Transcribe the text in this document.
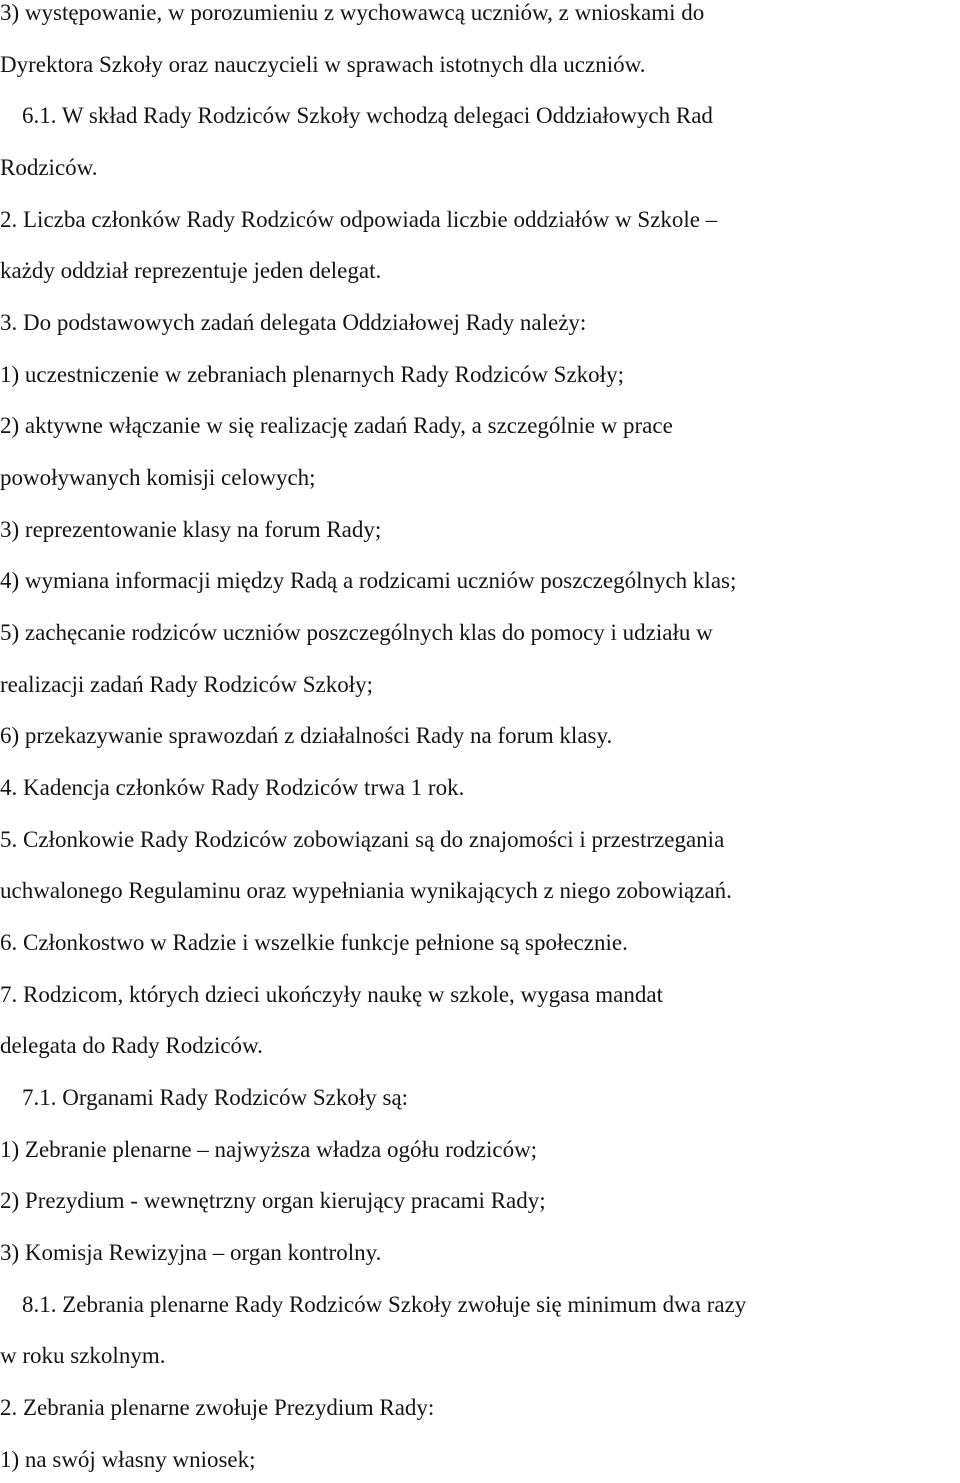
3) występowanie, w porozumieniu z wychowawcą uczniów, z wnioskami do

Dyrektora Szkoły oraz nauczycieli w sprawach istotnych dla uczniów.

6.1. W skład Rady Rodziców Szkoły wchodzą delegaci Oddziałowych Rad

Rodziców.

2. Liczba członków Rady Rodziców odpowiada liczbie oddziałów w Szkole –

każdy oddział reprezentuje jeden delegat.

3. Do podstawowych zadań delegata Oddziałowej Rady należy:

1) uczestniczenie w zebraniach plenarnych Rady Rodziców Szkoły;

2) aktywne włączanie w się realizację zadań Rady, a szczególnie w prace

powoływanych komisji celowych;

3) reprezentowanie klasy na forum Rady;

4) wymiana informacji między Radą a rodzicami uczniów poszczególnych klas;

5) zachęcanie rodziców uczniów poszczególnych klas do pomocy i udziału w

realizacji zadań Rady Rodziców Szkoły;

6) przekazywanie sprawozdań z działalności Rady na forum klasy.

4. Kadencja członków Rady Rodziców trwa 1 rok.

5. Członkowie Rady Rodziców zobowiązani są do znajomości i przestrzegania

uchwalonego Regulaminu oraz wypełniania wynikających z niego zobowiązań.

6. Członkostwo w Radzie i wszelkie funkcje pełnione są społecznie.

7. Rodzicom, których dzieci ukończyły naukę w szkole, wygasa mandat

delegata do Rady Rodziców.

7.1. Organami Rady Rodziców Szkoły są:

1) Zebranie plenarne – najwyższa władza ogółu rodziców;

2) Prezydium - wewnętrzny organ kierujący pracami Rady;

3) Komisja Rewizyjna – organ kontrolny.

8.1. Zebrania plenarne Rady Rodziców Szkoły zwołuje się minimum dwa razy

w roku szkolnym.

2. Zebrania plenarne zwołuje Prezydium Rady:

1) na swój własny wniosek;
